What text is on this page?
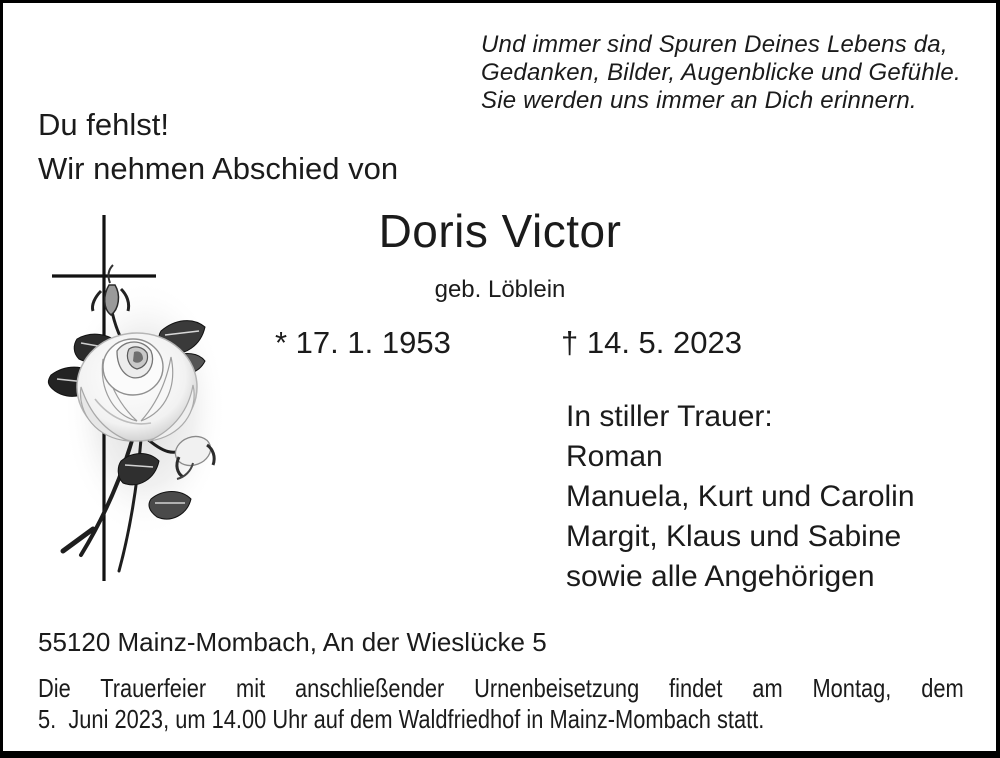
Und immer sind Spuren Deines Lebens da,
Gedanken, Bilder, Augenblicke und Gefühle.
Sie werden uns immer an Dich erinnern.
Du fehlst!
Wir nehmen Abschied von
Doris Victor
geb. Löblein
* 17. 1. 1953	† 14. 5. 2023
In stiller Trauer:
Roman
Manuela, Kurt und Carolin
Margit, Klaus und Sabine
sowie alle Angehörigen
55120 Mainz-Mombach, An der Wieslücke 5
Die Trauerfeier mit anschließender Urnenbeisetzung findet am Montag, dem
5.  Juni 2023, um 14.00 Uhr auf dem Waldfriedhof in Mainz-Mombach statt.
